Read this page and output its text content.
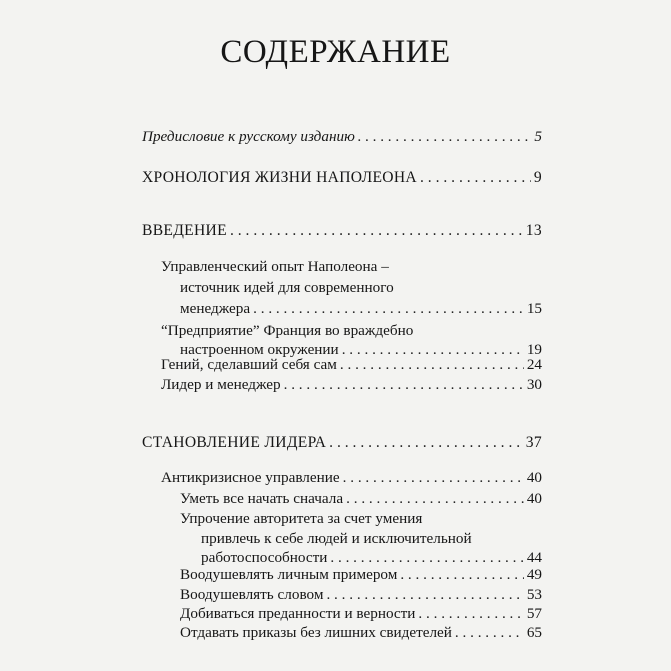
СОДЕРЖАНИЕ
Предисловие к русскому изданию . . .	5
ХРОНОЛОГИЯ ЖИЗНИ НАПОЛЕОНА . . .	9
ВВЕДЕНИЕ . . .	13
Управленческий опыт Наполеона –
источник идей для современного
менеджера . . .	15
“Предприятие” Франция во враждебно
настроенном окружении . . .	19
Гений, сделавший себя сам . . .	24
Лидер и менеджер . . .	30
СТАНОВЛЕНИЕ ЛИДЕРА . . .	37
Антикризисное управление . . .	40
Уметь все начать сначала . . .	40
Упрочение авторитета за счет умения
привлечь к себе людей и исключительной
работоспособности . . .	44
Воодушевлять личным примером . . .	49
Воодушевлять словом . . .	53
Добиваться преданности и верности . . .	57
Отдавать приказы без лишних свидетелей . . .	65
